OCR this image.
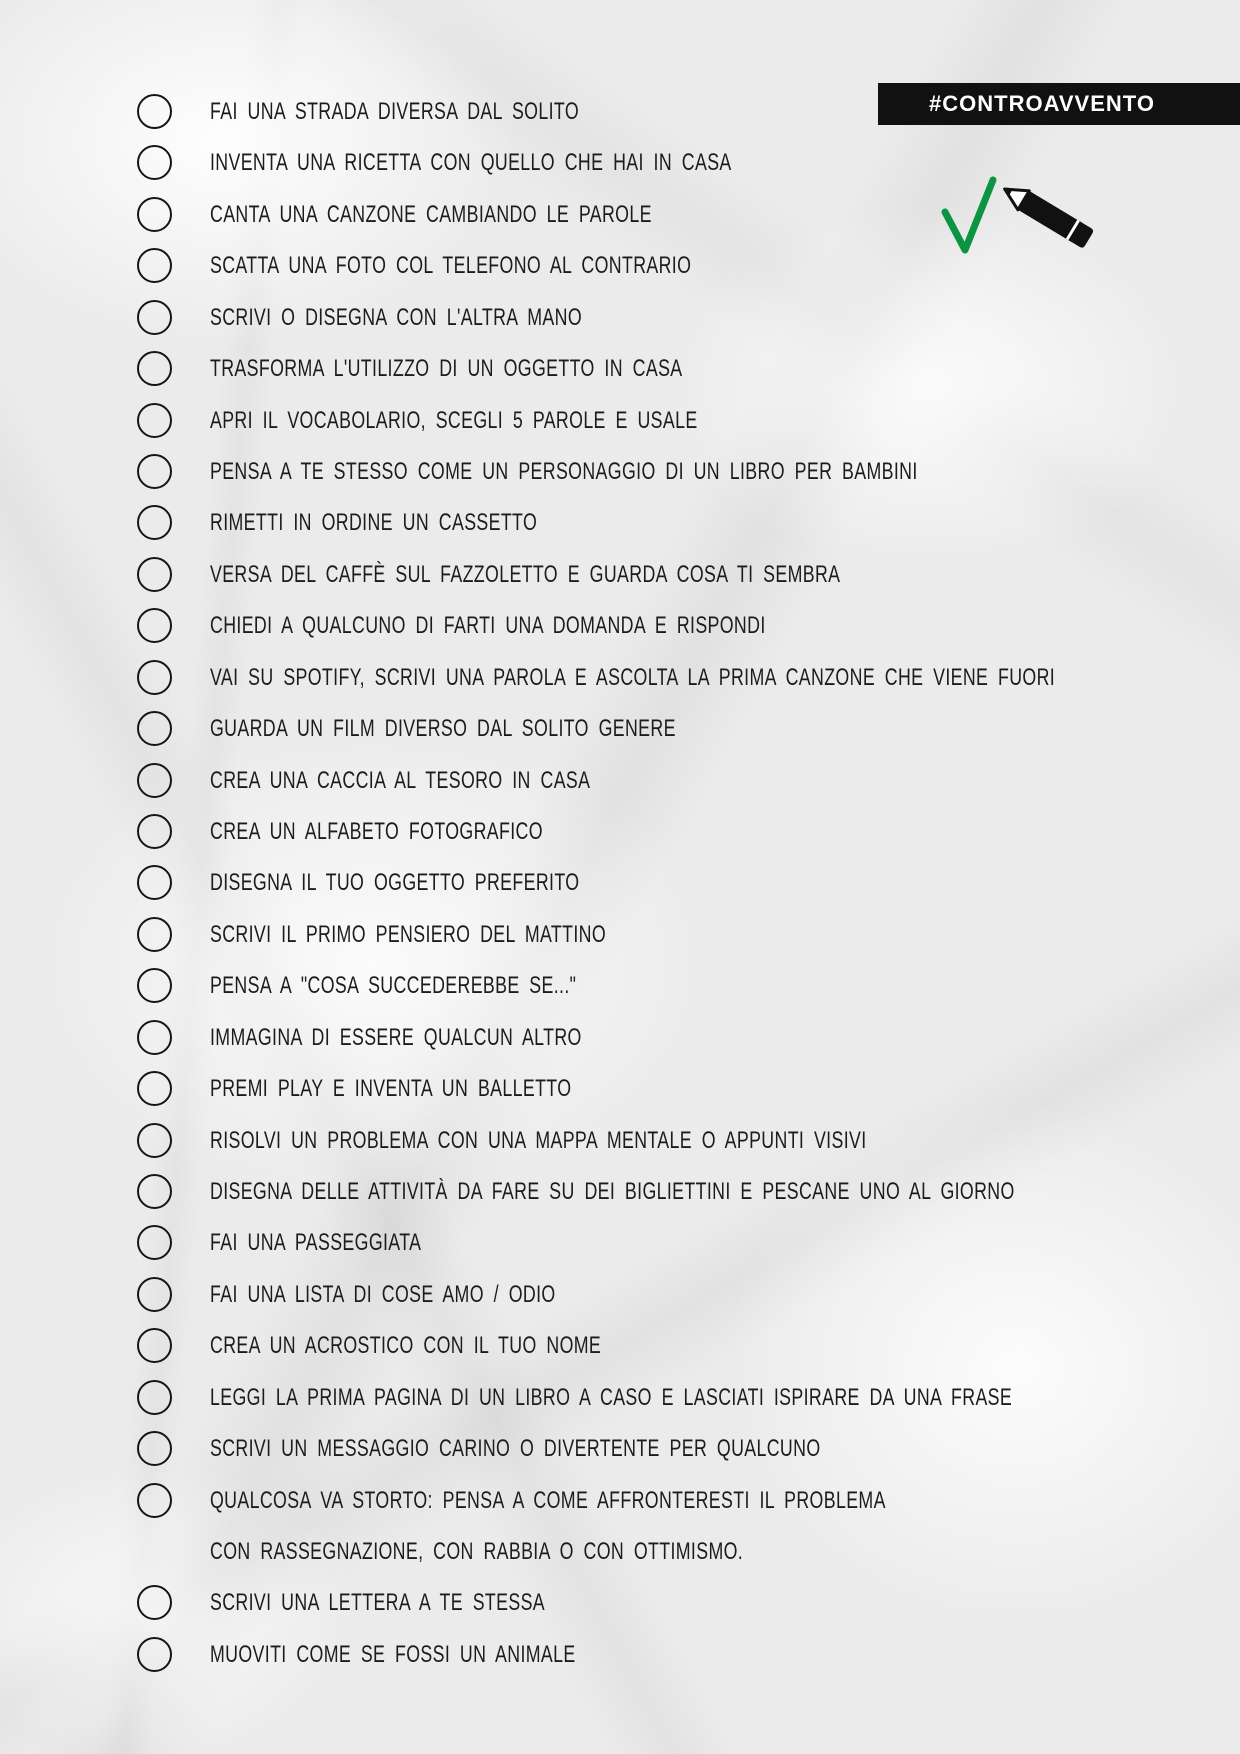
#CONTROAVVENTO
FAI UNA STRADA DIVERSA DAL SOLITO
INVENTA UNA RICETTA CON QUELLO CHE HAI IN CASA
CANTA UNA CANZONE CAMBIANDO LE PAROLE
SCATTA UNA FOTO COL TELEFONO AL CONTRARIO
SCRIVI O DISEGNA CON L'ALTRA MANO
TRASFORMA L'UTILIZZO DI UN OGGETTO IN CASA
APRI IL VOCABOLARIO, SCEGLI 5 PAROLE E USALE
PENSA A TE STESSO COME UN PERSONAGGIO DI UN LIBRO PER BAMBINI
RIMETTI IN ORDINE UN CASSETTO
VERSA DEL CAFFÈ SUL FAZZOLETTO E GUARDA COSA TI SEMBRA
CHIEDI A QUALCUNO DI FARTI UNA DOMANDA E RISPONDI
VAI SU SPOTIFY, SCRIVI UNA PAROLA E ASCOLTA LA PRIMA CANZONE CHE VIENE FUORI
GUARDA UN FILM DIVERSO DAL SOLITO GENERE
CREA UNA CACCIA AL TESORO IN CASA
CREA UN ALFABETO FOTOGRAFICO
DISEGNA IL TUO OGGETTO PREFERITO
SCRIVI IL PRIMO PENSIERO DEL MATTINO
PENSA A "COSA SUCCEDEREBBE SE..."
IMMAGINA DI ESSERE QUALCUN ALTRO
PREMI PLAY E INVENTA UN BALLETTO
RISOLVI UN PROBLEMA CON UNA MAPPA MENTALE O APPUNTI VISIVI
DISEGNA DELLE ATTIVITÀ DA FARE SU DEI BIGLIETTINI E PESCANE UNO AL GIORNO
FAI UNA PASSEGGIATA
FAI UNA LISTA DI COSE AMO / ODIO
CREA UN ACROSTICO CON IL TUO NOME
LEGGI LA PRIMA PAGINA DI UN LIBRO A CASO E LASCIATI ISPIRARE DA UNA FRASE
SCRIVI UN MESSAGGIO CARINO O DIVERTENTE PER QUALCUNO
QUALCOSA VA STORTO: PENSA A COME AFFRONTERESTI IL PROBLEMA
CON RASSEGNAZIONE, CON RABBIA O CON OTTIMISMO.
SCRIVI UNA LETTERA A TE STESSA
MUOVITI COME SE FOSSI UN ANIMALE
